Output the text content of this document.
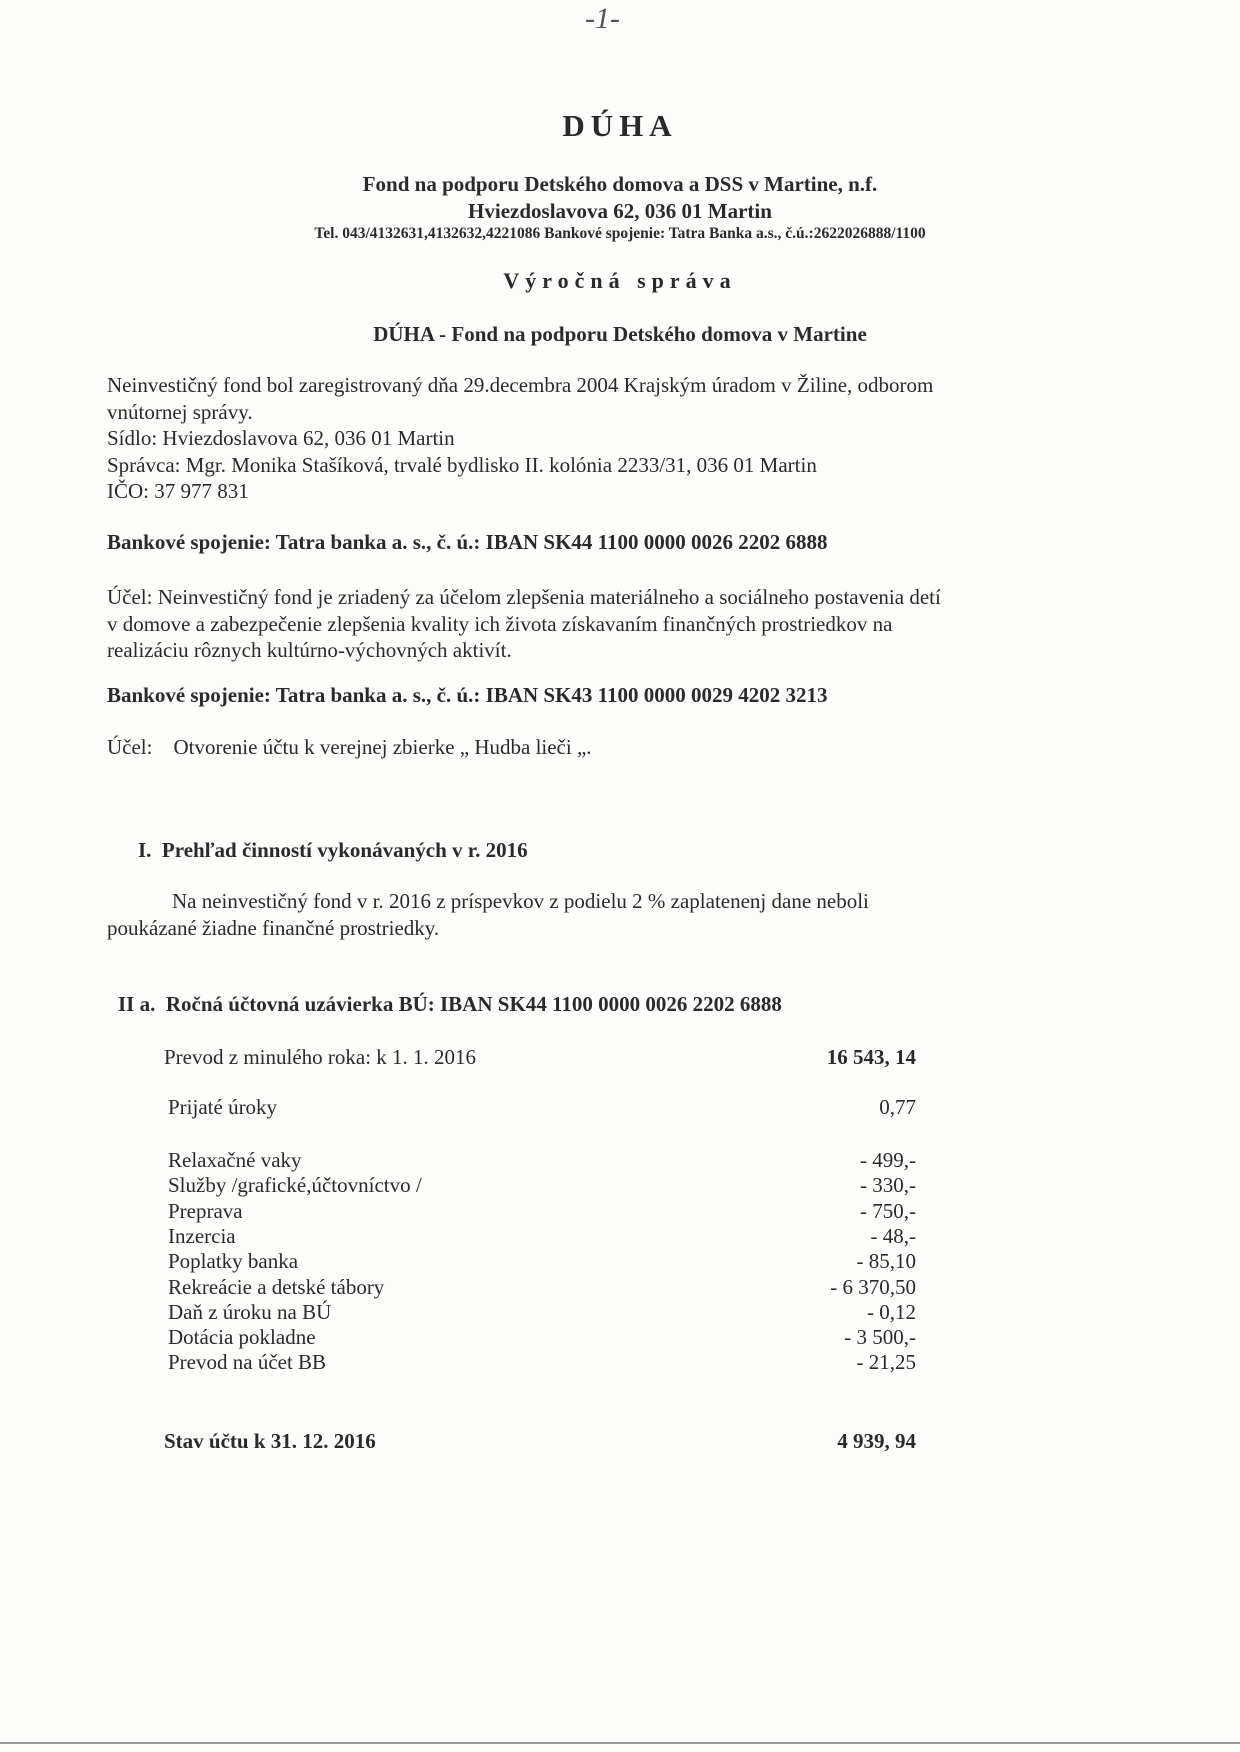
-1-
DÚHA
Fond na podporu Detského domova a DSS v Martine, n.f.
Hviezdoslavova 62, 036 01 Martin
Tel. 043/4132631,4132632,4221086 Bankové spojenie: Tatra Banka a.s., č.ú.:2622026888/1100
Výročná správa
DÚHA - Fond na podporu Detského domova v Martine
Neinvestičný fond bol zaregistrovaný dňa 29.decembra 2004 Krajským úradom v Žiline, odborom
vnútornej správy.
Sídlo: Hviezdoslavova 62, 036 01 Martin
Správca: Mgr. Monika Stašíková, trvalé bydlisko II. kolónia 2233/31, 036 01 Martin
IČO: 37 977 831
Bankové spojenie: Tatra banka a. s., č. ú.: IBAN SK44 1100 0000 0026 2202 6888
Účel: Neinvestičný fond je zriadený za účelom zlepšenia materiálneho a sociálneho postavenia detí
v domove a zabezpečenie zlepšenia kvality ich života získavaním finančných prostriedkov na
realizáciu rôznych kultúrno-výchovných aktivít.
Bankové spojenie: Tatra banka a. s., č. ú.: IBAN SK43 1100 0000 0029 4202 3213
Účel:    Otvorenie účtu k verejnej zbierke „ Hudba lieči „.
I.  Prehľad činností vykonávaných v r. 2016
Na neinvestičný fond v r. 2016 z príspevkov z podielu 2 % zaplatenenj dane neboli
poukázané žiadne finančné prostriedky.
II a.  Ročná účtovná uzávierka BÚ: IBAN SK44 1100 0000 0026 2202 6888
Prevod z minulého roka: k 1. 1. 2016	16 543, 14
Prijaté úroky	0,77
Relaxačné vaky	- 499,-
Služby /grafické,účtovníctvo /	- 330,-
Preprava	- 750,-
Inzercia	- 48,-
Poplatky banka	- 85,10
Rekreácie a detské tábory	- 6 370,50
Daň z úroku na BÚ	- 0,12
Dotácia pokladne	- 3 500,-
Prevod na účet BB	- 21,25
Stav účtu k 31. 12. 2016	4 939, 94
